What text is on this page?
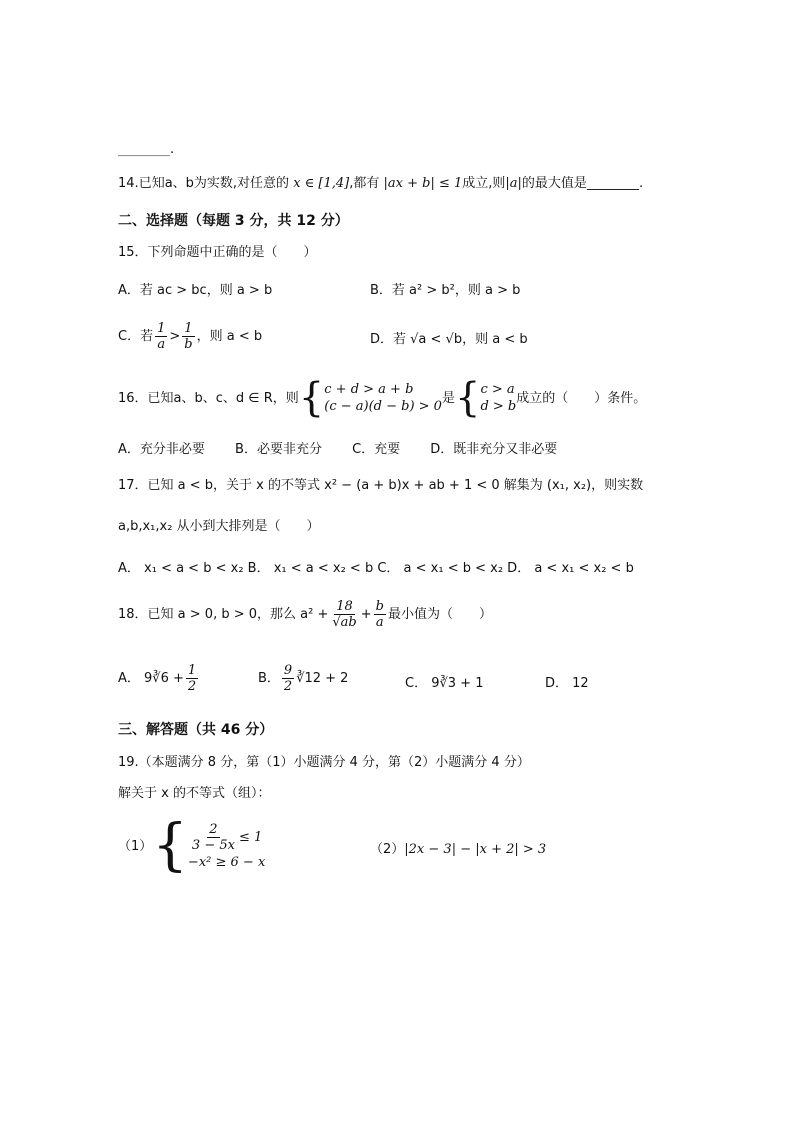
________.
14.已知a、b为实数,对任意的 x ∈ [1,4],都有 |ax + b| ≤ 1成立,则|a|的最大值是________.
二、选择题（每题 3 分，共 12 分）
15．下列命题中正确的是（　　）
A．若 ac > bc，则 a > b	B．若 a² > b²，则 a > b
C．若 $\frac{1}{a} > \frac{1}{b}$ ，则 a < b	D．若 √a < √b，则 a < b
16．已知a、b、c、d ∈ R，则 { c + d > a + b
(c − a)(d − b) > 0
是 { c > a
d > b
成立的（　　）条件。
A．充分非必要　　 B．必要非充分　　 C．充要　　 D．既非充分又非必要
17．已知 a < b，关于 x 的不等式 x² − (a + b)x + ab + 1 < 0 解集为 (x₁, x₂)，则实数
a,b,x₁,x₂ 从小到大排列是（　　）
A． x₁ < a < b < x₂ B． x₁ < a < x₂ < b C． a < x₁ < b < x₂ D． a < x₁ < x₂ < b
18．已知 a > 0, b > 0，那么 $a^2 + \frac{18}{√ab} + \frac{b}{a}$ 最小值为（　　）
A． 9∛6 + $\frac{1}{2}$	B． $\frac{9}{2}$ ∛12 + 2	C． 9∛3 + 1	D． 12
三、解答题（共 46 分）
19.（本题满分 8 分，第（1）小题满分 4 分，第（2）小题满分 4 分）
解关于 x 的不等式（组）：
（1） { $\frac{2}{3 - 5x} \le 1$
−x² ≥ 6 − x
（2）|2x − 3| − |x + 2| > 3
